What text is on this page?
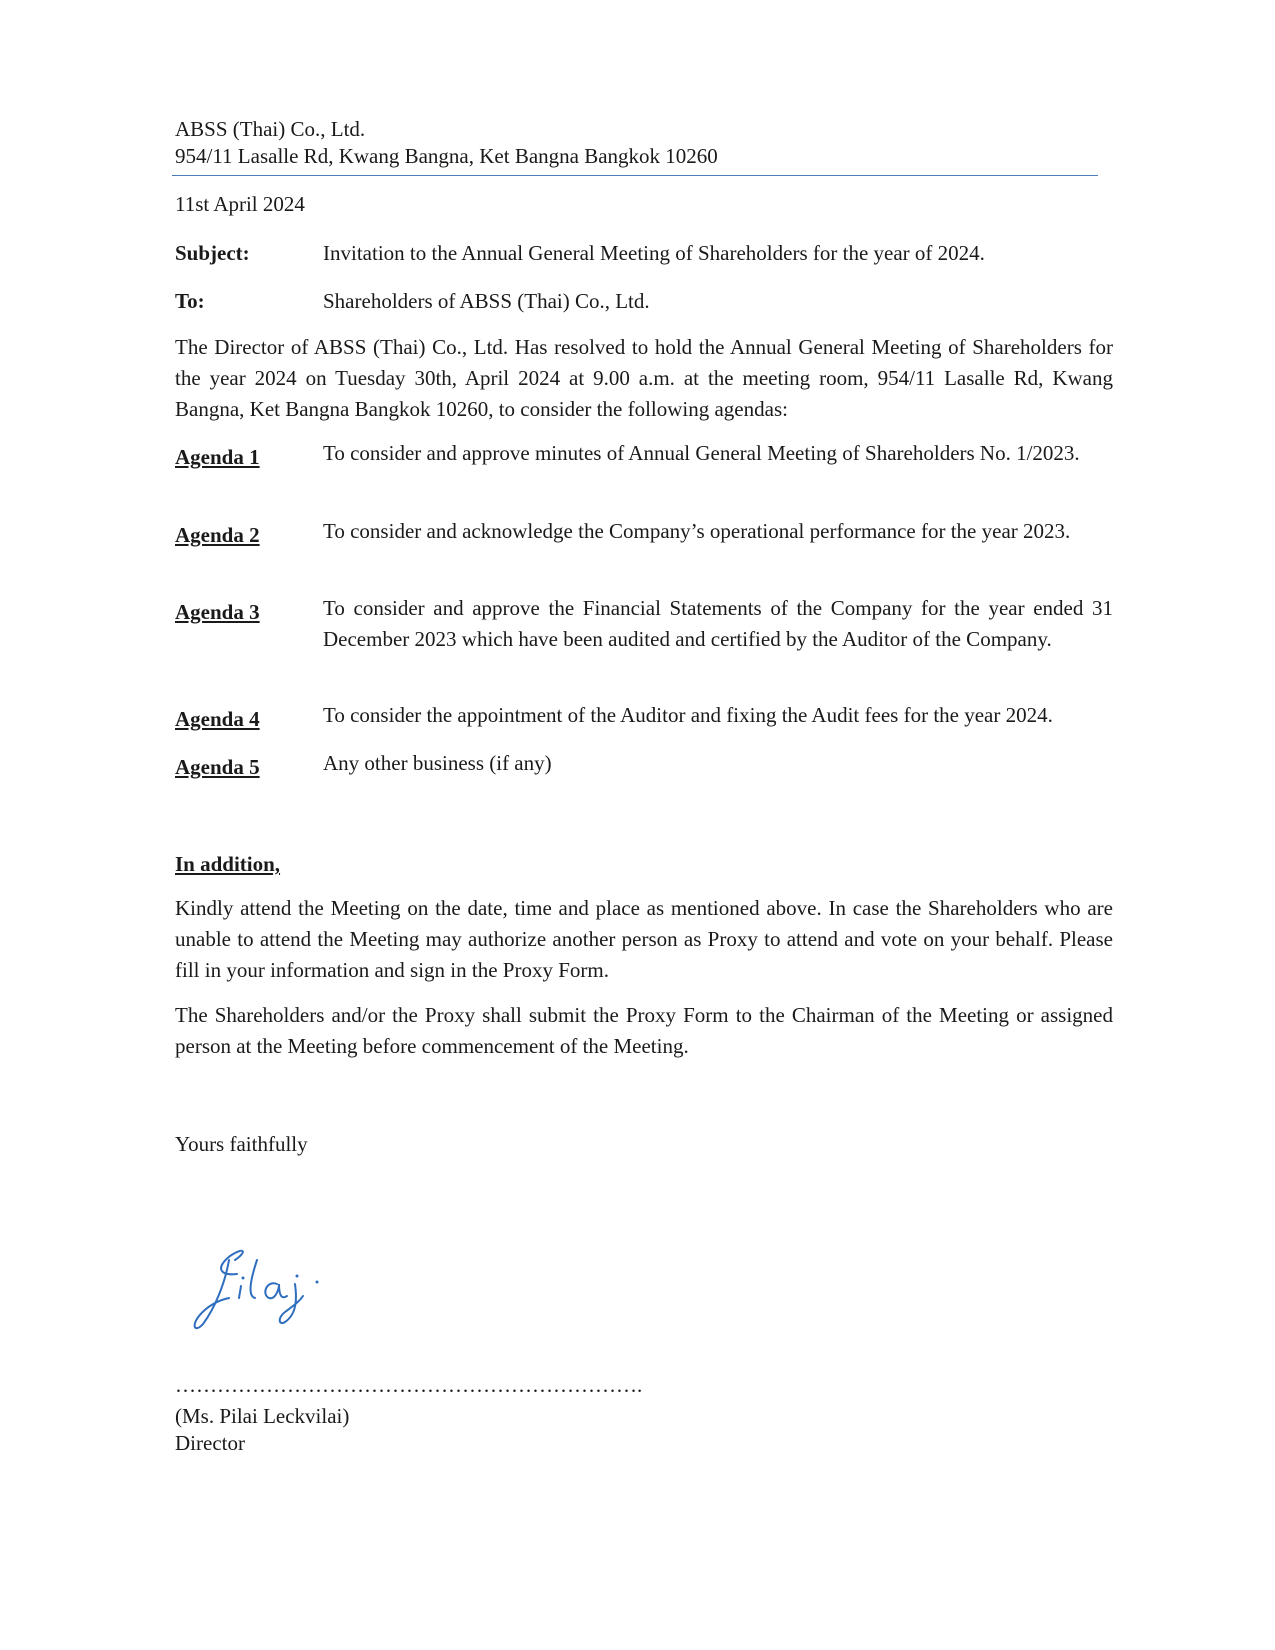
ABSS (Thai) Co., Ltd.
954/11 Lasalle Rd, Kwang Bangna, Ket Bangna Bangkok 10260
11st April 2024
Subject:	Invitation to the Annual General Meeting of Shareholders for the year of 2024.
To:	Shareholders of ABSS (Thai) Co., Ltd.
The Director of ABSS (Thai) Co., Ltd. Has resolved to hold the Annual General Meeting of Shareholders for the year 2024 on Tuesday 30th, April 2024 at 9.00 a.m. at the meeting room, 954/11 Lasalle Rd, Kwang Bangna, Ket Bangna Bangkok 10260, to consider the following agendas:
Agenda 1	To consider and approve minutes of Annual General Meeting of Shareholders No. 1/2023.
Agenda 2	To consider and acknowledge the Company’s operational performance for the year 2023.
Agenda 3	To consider and approve the Financial Statements of the Company for the year ended 31 December 2023 which have been audited and certified by the Auditor of the Company.
Agenda 4	To consider the appointment of the Auditor and fixing the Audit fees for the year 2024.
Agenda 5	Any other business (if any)
In addition,
Kindly attend the Meeting on the date, time and place as mentioned above. In case the Shareholders who are unable to attend the Meeting may authorize another person as Proxy to attend and vote on your behalf. Please fill in your information and sign in the Proxy Form.
The Shareholders and/or the Proxy shall submit the Proxy Form to the Chairman of the Meeting or assigned person at the Meeting before commencement of the Meeting.
Yours faithfully
………………………………………………………….
(Ms. Pilai Leckvilai)
Director
